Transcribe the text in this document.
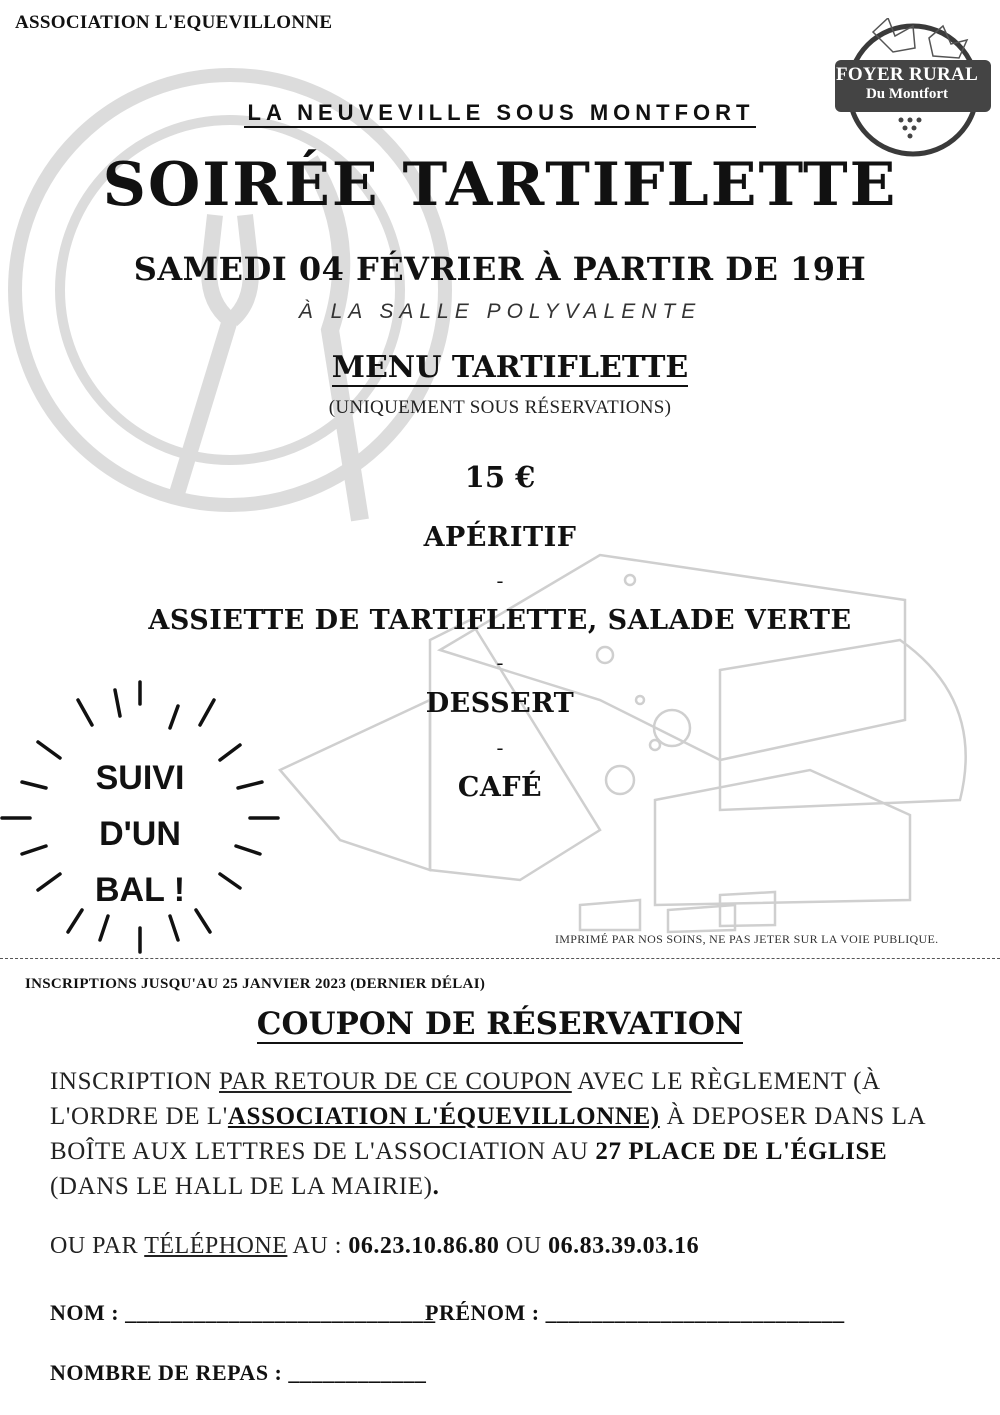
FOYER RURAL
Du Montfort
ASSOCIATION L'EQUEVILLONNE
LA NEUVEVILLE SOUS MONTFORT
SOIRÉE TARTIFLETTE
SAMEDI 04 FÉVRIER À PARTIR DE 19H
À LA SALLE POLYVALENTE
MENU TARTIFLETTE
(UNIQUEMENT SOUS RÉSERVATIONS)
15 €
APÉRITIF
-
ASSIETTE DE TARTIFLETTE, SALADE VERTE
-
DESSERT
-
CAFÉ
SUIVI
D'UN
BAL !
IMPRIMÉ PAR NOS SOINS, NE PAS JETER SUR LA VOIE PUBLIQUE.
INSCRIPTIONS JUSQU'AU 25 JANVIER 2023 (DERNIER DÉLAI)
COUPON DE RÉSERVATION
INSCRIPTION PAR RETOUR DE CE COUPON AVEC LE RÈGLEMENT (À L'ORDRE DE L'ASSOCIATION L'ÉQUEVILLONNE) À DEPOSER DANS LA BOÎTE AUX LETTRES DE L'ASSOCIATION AU 27 PLACE DE L'ÉGLISE (DANS LE HALL DE LA MAIRIE).
OU PAR TÉLÉPHONE AU : 06.23.10.86.80 OU 06.83.39.03.16
NOM : ___________________________
PRÉNOM : __________________________
NOMBRE DE REPAS : ____________
